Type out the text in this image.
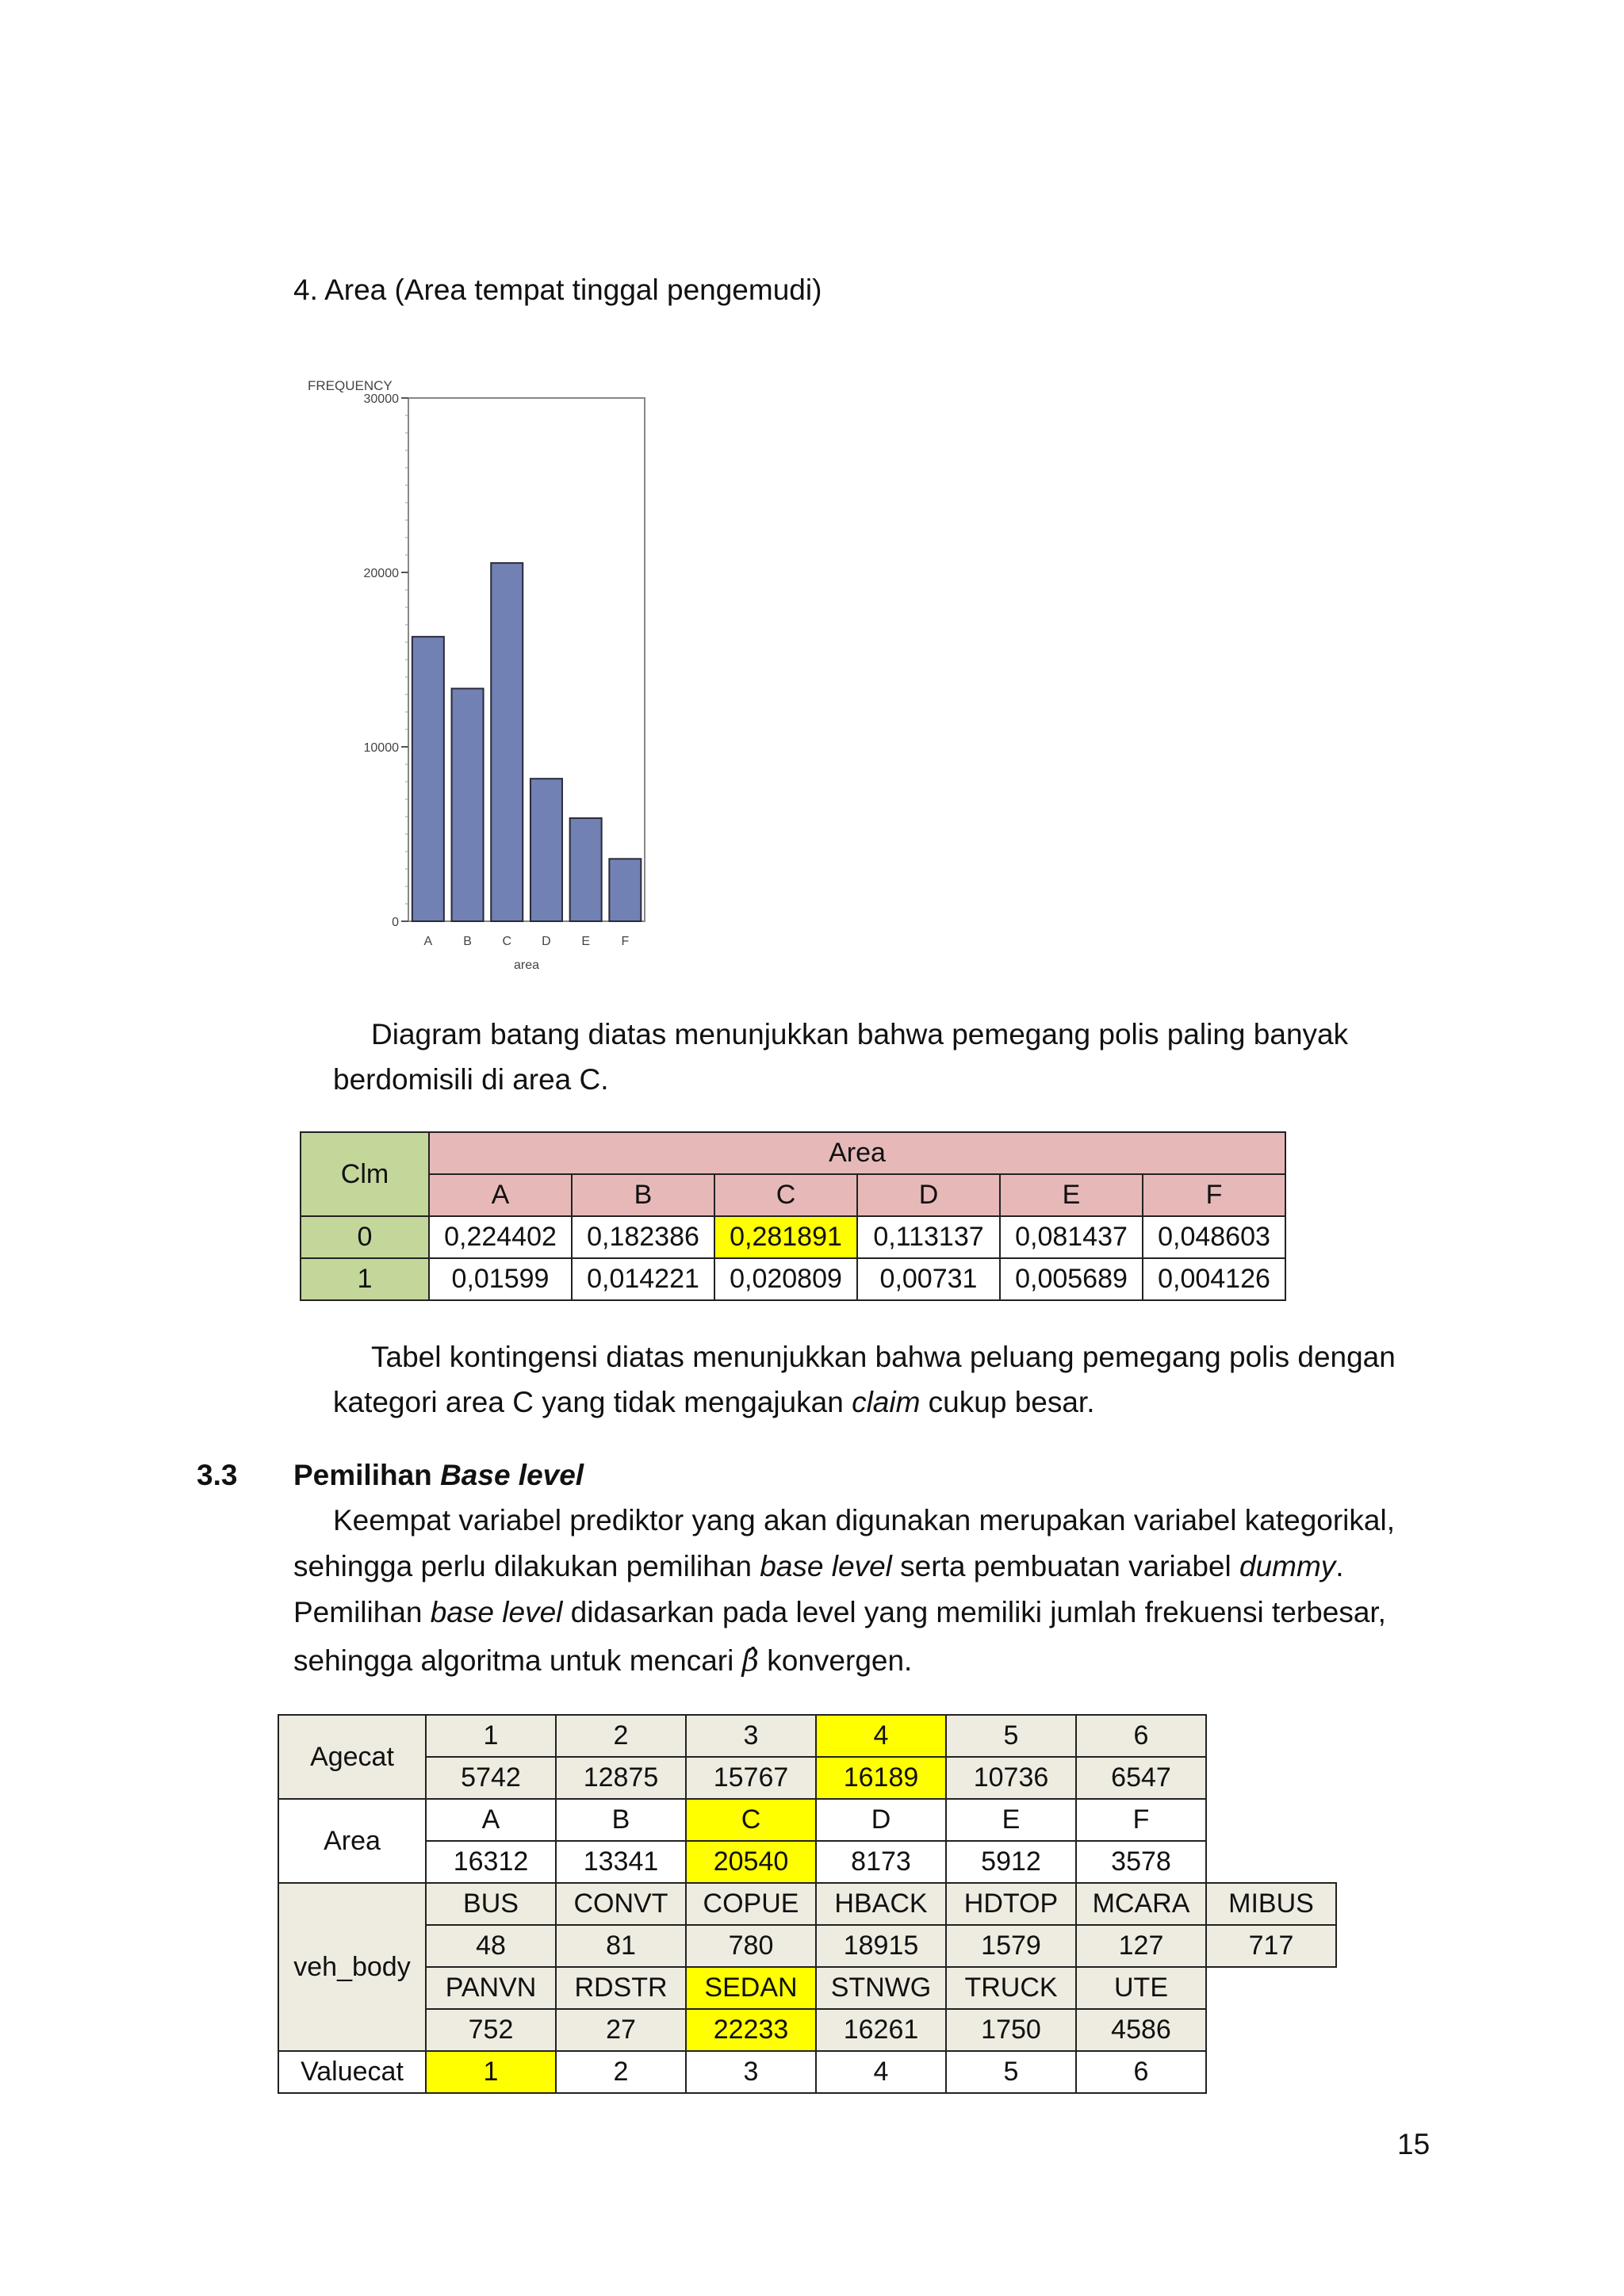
4. Area (Area tempat tinggal pengemudi)
0
10000
20000
30000
FREQUENCY
A B C D E F
area
Diagram batang diatas menunjukkan bahwa pemegang polis paling banyak
berdomisili di area C.
Clm	Area					
	A	B	C	D	E	F
0	0,224402	0,182386	0,281891	0,113137	0,081437	0,048603
1	0,01599	0,014221	0,020809	0,00731	0,005689	0,004126
Tabel kontingensi diatas menunjukkan bahwa peluang pemegang polis dengan
kategori area C yang tidak mengajukan claim cukup besar.
3.3 Pemilihan Base level
Keempat variabel prediktor yang akan digunakan merupakan variabel kategorikal,
sehingga perlu dilakukan pemilihan base level serta pembuatan variabel dummy.
Pemilihan base level didasarkan pada level yang memiliki jumlah frekuensi terbesar,
sehingga algoritma untuk mencari β̂ konvergen.
Agecat	1	2	3	4	5	6	
	5742	12875	15767	16189	10736	6547	
Area	A	B	C	D	E	F	
	16312	13341	20540	8173	5912	3578	
veh_body	BUS	CONVT	COPUE	HBACK	HDTOP	MCARA	MIBUS
	48	81	780	18915	1579	127	717
	PANVN	RDSTR	SEDAN	STNWG	TRUCK	UTE	
	752	27	22233	16261	1750	4586	
Valuecat	1	2	3	4	5	6	
15
